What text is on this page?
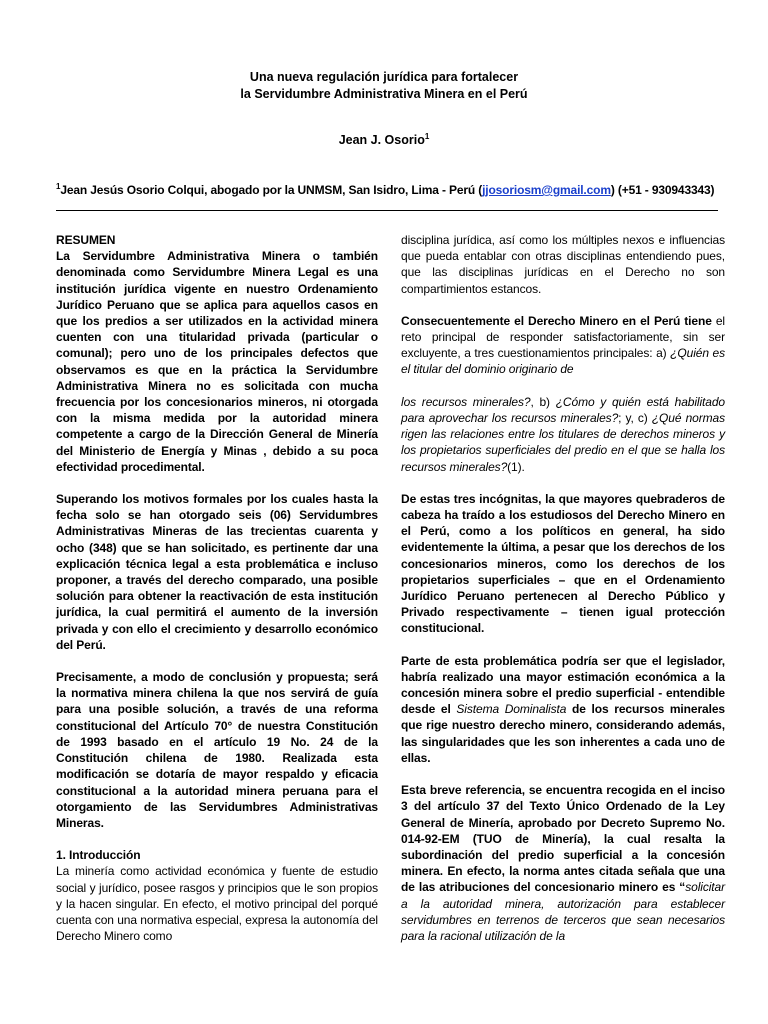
Una nueva regulación jurídica para fortalecer
la Servidumbre Administrativa Minera en el Perú
Jean J. Osorio$^1$
$^1$Jean Jesús Osorio Colqui, abogado por la UNMSM, San Isidro, Lima - Perú (jjosoriosm@gmail.com) (+51 - 930943343)

RESUMEN

La Servidumbre Administrativa Minera o también denominada como Servidumbre Minera Legal es una institución jurídica vigente en nuestro Ordenamiento Jurídico Peruano que se aplica para aquellos casos en que los predios a ser utilizados en la actividad minera cuenten con una titularidad privada (particular o comunal); pero uno de los principales defectos que observamos es que en la práctica la Servidumbre Administrativa Minera no es solicitada con mucha frecuencia por los concesionarios mineros, ni otorgada con la misma medida por la autoridad minera competente a cargo de la Dirección General de Minería del Ministerio de Energía y Minas , debido a su poca efectividad procedimental.

Superando los motivos formales por los cuales hasta la fecha solo se han otorgado seis (06) Servidumbres Administrativas Mineras de las trecientas cuarenta y ocho (348) que se han solicitado, es pertinente dar una explicación técnica legal a esta problemática e incluso proponer, a través del derecho comparado, una posible solución para obtener la reactivación de esta institución jurídica, la cual permitirá el aumento de la inversión privada y con ello el crecimiento y desarrollo económico del Perú.

Precisamente, a modo de conclusión y propuesta; será la normativa minera chilena la que nos servirá de guía para una posible solución, a través de una reforma constitucional del Artículo 70° de nuestra Constitución de 1993 basado en el artículo 19 No. 24 de la Constitución chilena de 1980. Realizada esta modificación se dotaría de mayor respaldo y eficacia constitucional a la autoridad minera peruana para el otorgamiento de las Servidumbres Administrativas Mineras.

1. Introducción

La minería como actividad económica y fuente de estudio social y jurídico, posee rasgos y principios que le son propios y la hacen singular. En efecto, el motivo principal del porqué cuenta con una normativa especial, expresa la autonomía del Derecho Minero como

disciplina jurídica, así como los múltiples nexos e influencias que pueda entablar con otras disciplinas entendiendo pues, que las disciplinas jurídicas en el Derecho no son compartimientos estancos.

Consecuentemente el Derecho Minero en el Perú tiene el reto principal de responder satisfactoriamente, sin ser excluyente, a tres cuestionamientos principales: a) ¿Quién es el titular del dominio originario de

los recursos minerales?, b) ¿Cómo y quién está habilitado para aprovechar los recursos minerales?; y, c) ¿Qué normas rigen las relaciones entre los titulares de derechos mineros y los propietarios superficiales del predio en el que se halla los recursos minerales?(1).

De estas tres incógnitas, la que mayores quebraderos de cabeza ha traído a los estudiosos del Derecho Minero en el Perú, como a los políticos en general, ha sido evidentemente la última, a pesar que los derechos de los concesionarios mineros, como los derechos de los propietarios superficiales – que en el Ordenamiento Jurídico Peruano pertenecen al Derecho Público y Privado respectivamente – tienen igual protección constitucional.

Parte de esta problemática podría ser que el legislador, habría realizado una mayor estimación económica a la concesión minera sobre el predio superficial - entendible desde el Sistema Dominalista de los recursos minerales que rige nuestro derecho minero, considerando además, las singularidades que les son inherentes a cada uno de ellas.

Esta breve referencia, se encuentra recogida en el inciso 3 del artículo 37 del Texto Único Ordenado de la Ley General de Minería, aprobado por Decreto Supremo No. 014-92-EM (TUO de Minería), la cual resalta la subordinación del predio superficial a la concesión minera. En efecto, la norma antes citada señala que una de las atribuciones del concesionario minero es “solicitar a la autoridad minera, autorización para establecer servidumbres en terrenos de terceros que sean necesarios para la racional utilización de la
